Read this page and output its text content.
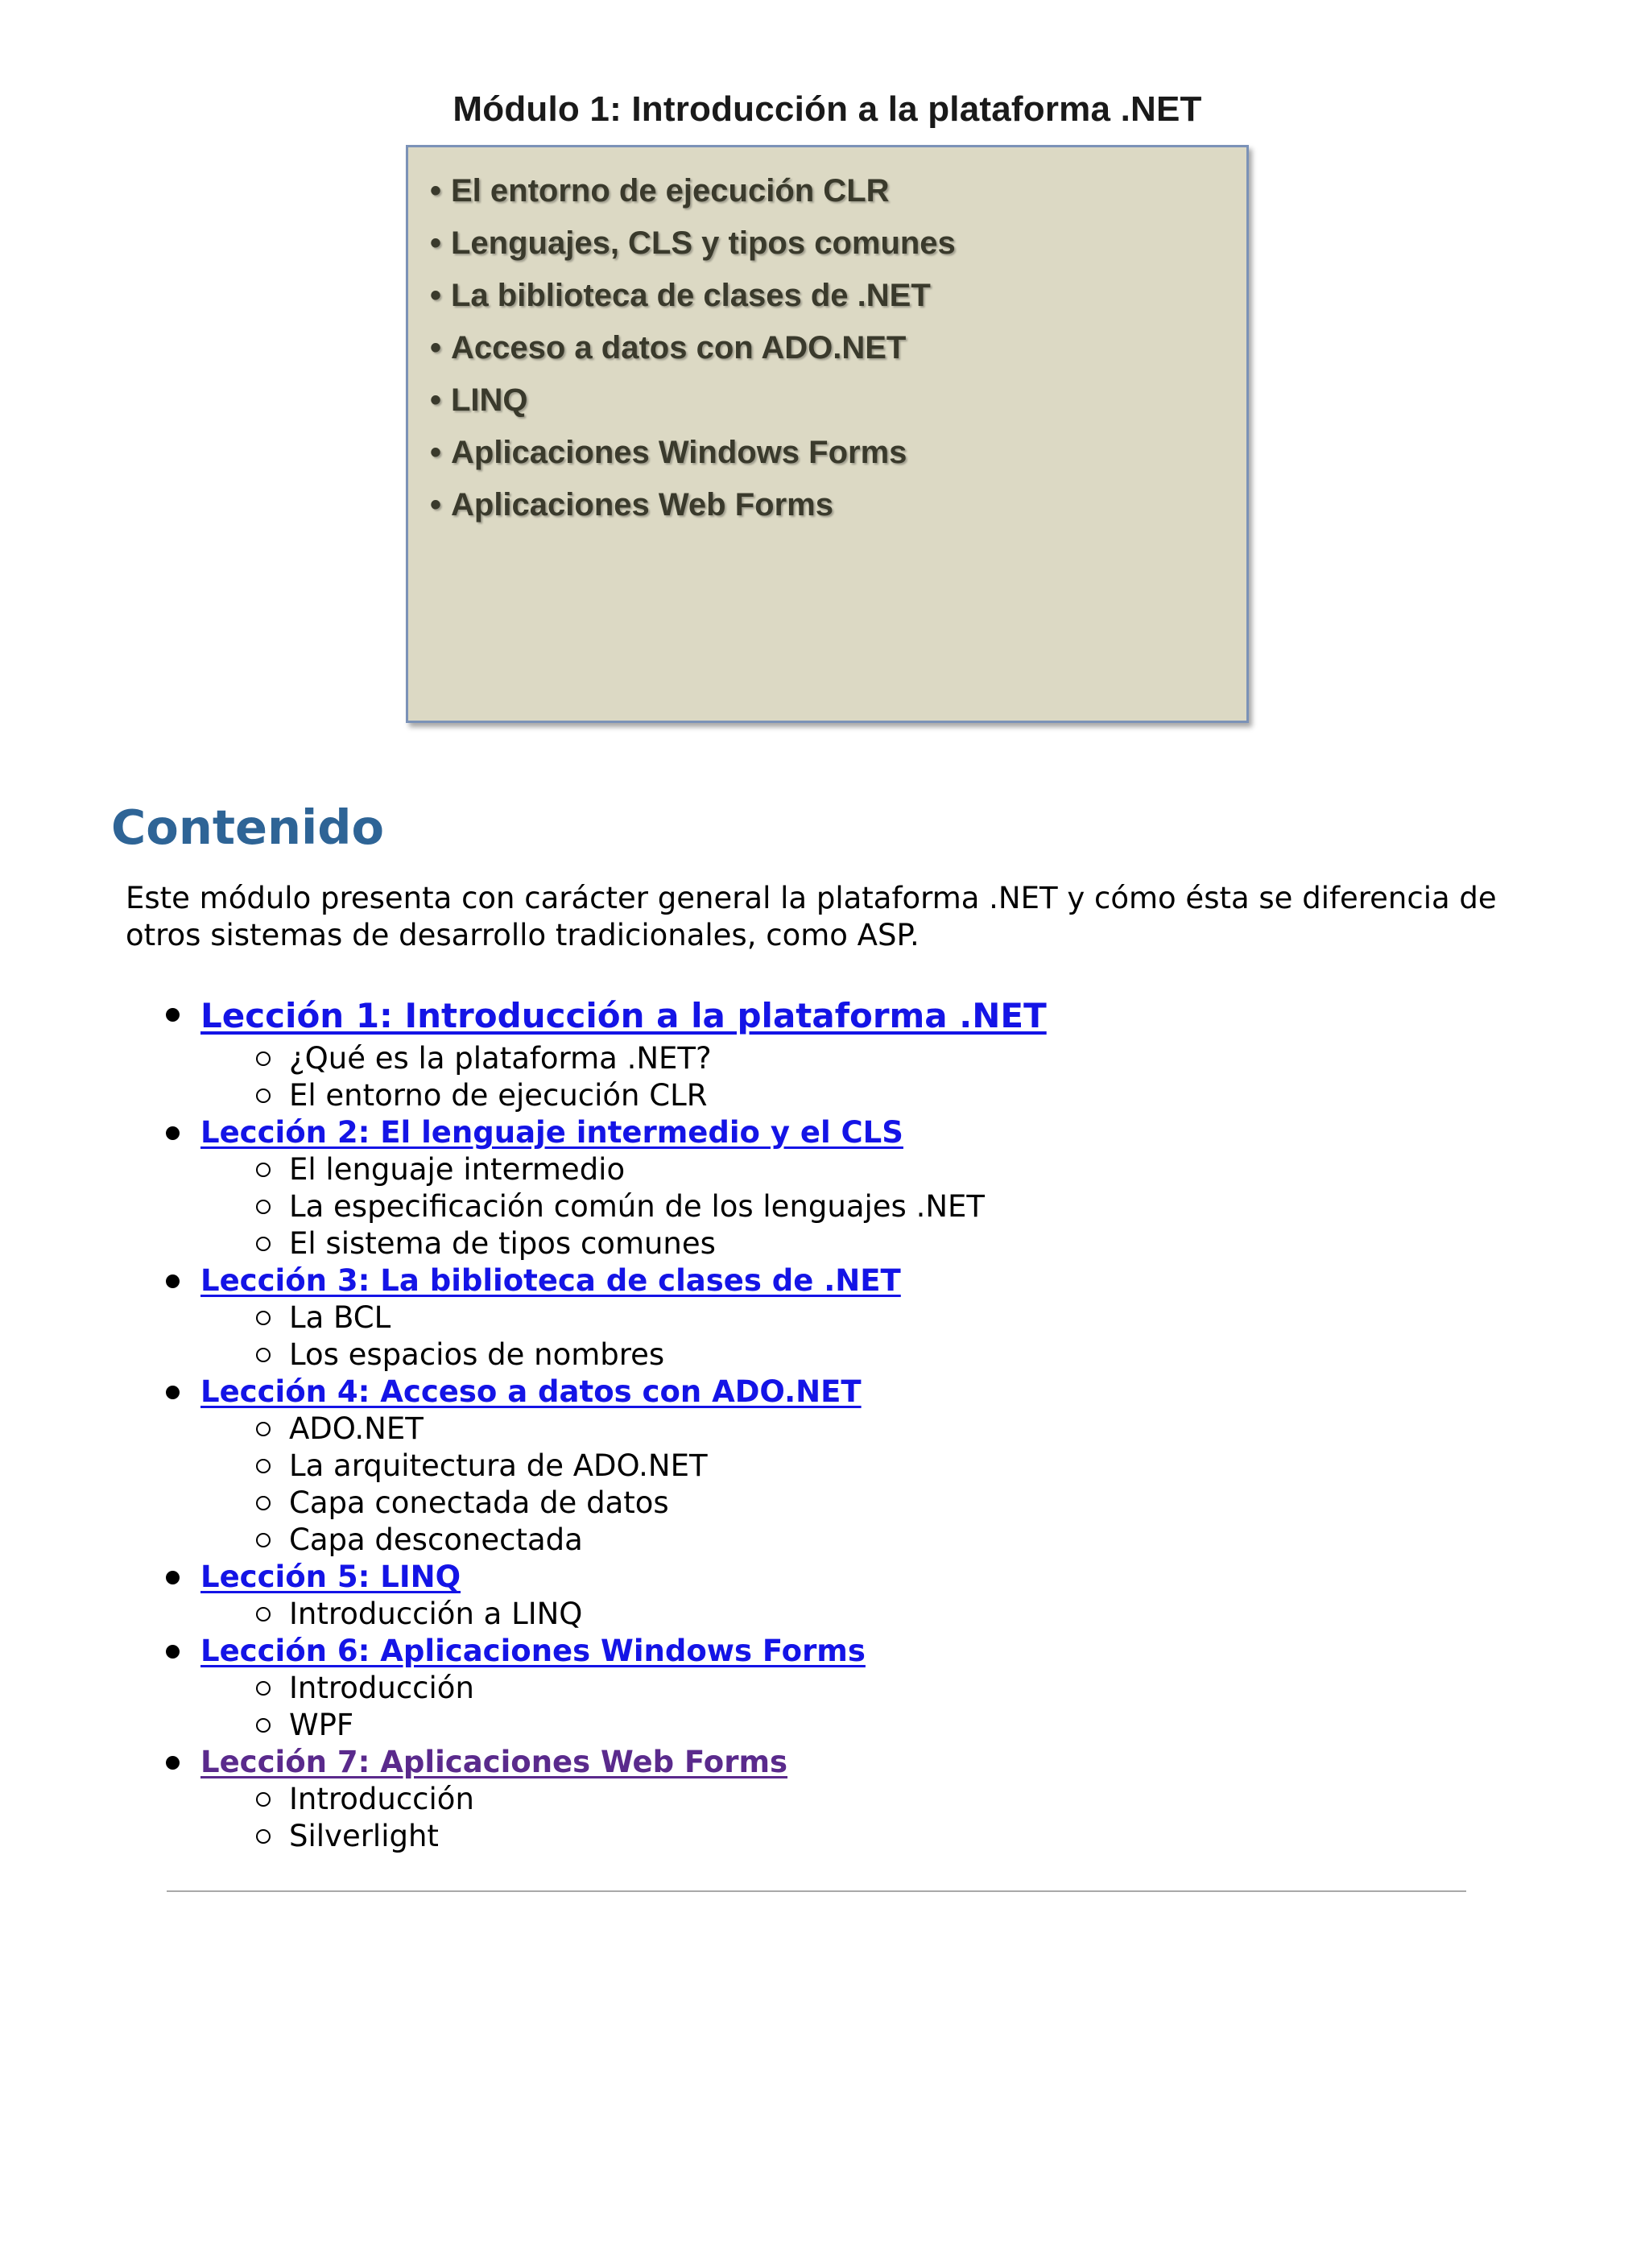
Módulo 1: Introducción a la plataforma .NET
• El entorno de ejecución CLR
• Lenguajes, CLS y tipos comunes
• La biblioteca de clases de .NET
• Acceso a datos con ADO.NET
• LINQ
• Aplicaciones Windows Forms
• Aplicaciones Web Forms
Contenido

Este módulo presenta con carácter general la plataforma .NET y cómo ésta se diferencia de otros sistemas de desarrollo tradicionales, como ASP.

Lección 1: Introducción a la plataforma .NET
¿Qué es la plataforma .NET?
El entorno de ejecución CLR
Lección 2: El lenguaje intermedio y el CLS
El lenguaje intermedio
La especificación común de los lenguajes .NET
El sistema de tipos comunes
Lección 3: La biblioteca de clases de .NET
La BCL
Los espacios de nombres
Lección 4: Acceso a datos con ADO.NET
ADO.NET
La arquitectura de ADO.NET
Capa conectada de datos
Capa desconectada
Lección 5: LINQ
Introducción a LINQ
Lección 6: Aplicaciones Windows Forms
Introducción
WPF
Lección 7: Aplicaciones Web Forms
Introducción
Silverlight
